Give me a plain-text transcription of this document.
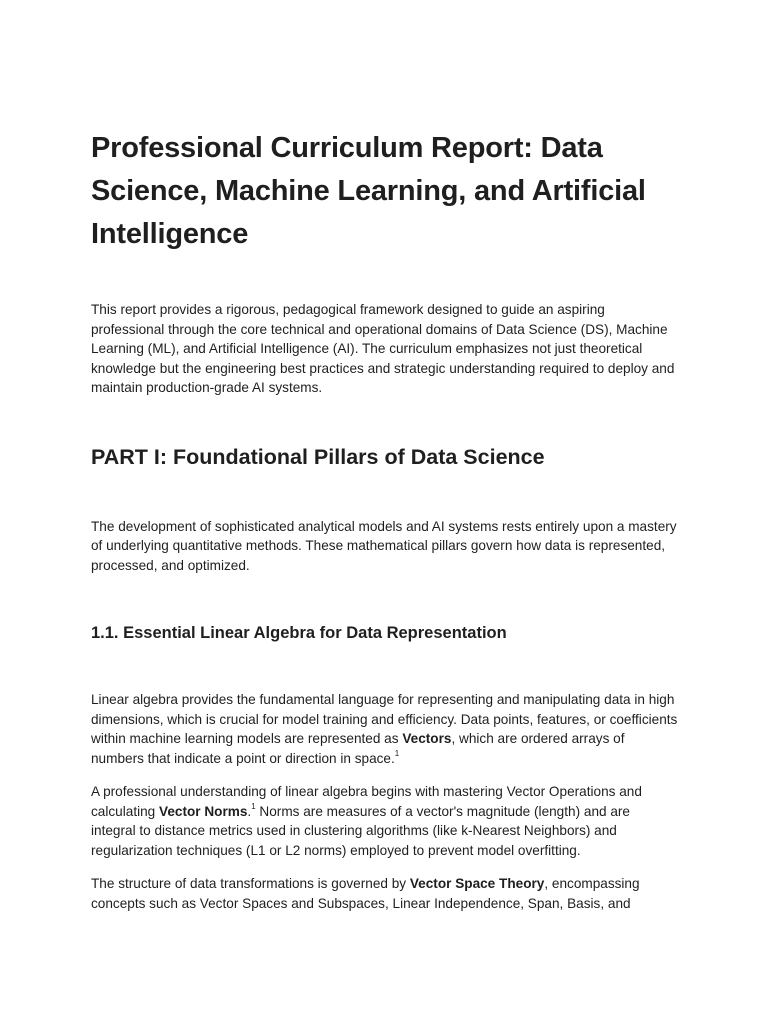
Professional Curriculum Report: Data Science, Machine Learning, and Artificial Intelligence

This report provides a rigorous, pedagogical framework designed to guide an aspiring professional through the core technical and operational domains of Data Science (DS), Machine Learning (ML), and Artificial Intelligence (AI). The curriculum emphasizes not just theoretical knowledge but the engineering best practices and strategic understanding required to deploy and maintain production-grade AI systems.

PART I: Foundational Pillars of Data Science

The development of sophisticated analytical models and AI systems rests entirely upon a mastery of underlying quantitative methods. These mathematical pillars govern how data is represented, processed, and optimized.

1.1. Essential Linear Algebra for Data Representation

Linear algebra provides the fundamental language for representing and manipulating data in high dimensions, which is crucial for model training and efficiency. Data points, features, or coefficients within machine learning models are represented as Vectors, which are ordered arrays of numbers that indicate a point or direction in space.$^1$

A professional understanding of linear algebra begins with mastering Vector Operations and calculating Vector Norms.$^1$ Norms are measures of a vector's magnitude (length) and are integral to distance metrics used in clustering algorithms (like k-Nearest Neighbors) and regularization techniques (L1 or L2 norms) employed to prevent model overfitting.

The structure of data transformations is governed by Vector Space Theory, encompassing concepts such as Vector Spaces and Subspaces, Linear Independence, Span, Basis, and
